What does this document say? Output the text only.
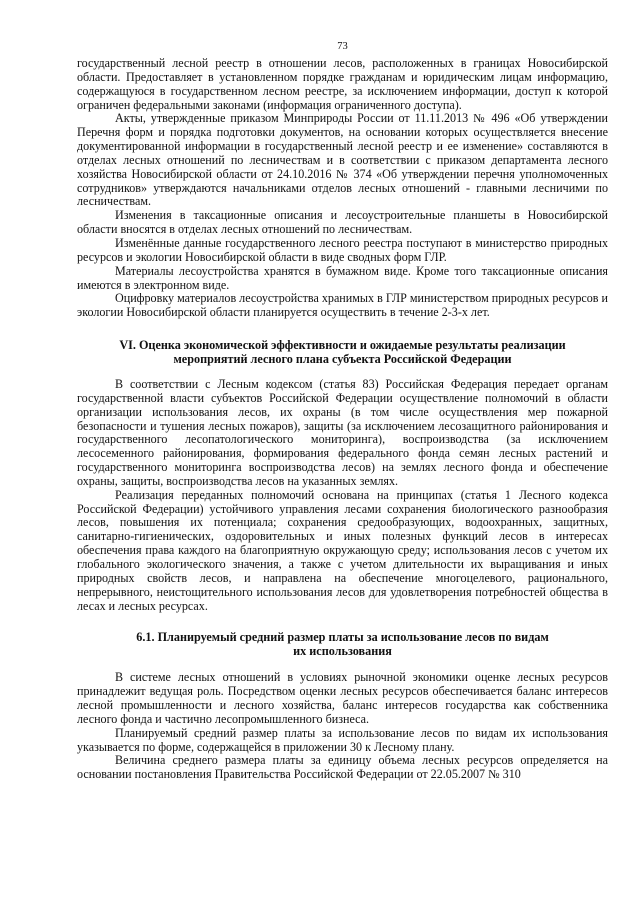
73

государственный лесной реестр в отношении лесов, расположенных в границах Новосибирской области. Предоставляет в установленном порядке гражданам и юридическим лицам информацию, содержащуюся в государственном лесном реестре, за исключением информации, доступ к которой ограничен федеральными законами (информация ограниченного доступа).

Акты, утвержденные приказом Минприроды России от 11.11.2013 № 496 «Об утверждении Перечня форм и порядка подготовки документов, на основании которых осуществляется внесение документированной информации в государственный лесной реестр и ее изменение» составляются в отделах лесных отношений по лесничествам и в соответствии с приказом департамента лесного хозяйства Новосибирской области от 24.10.2016 № 374 «Об утверждении перечня уполномоченных сотрудников» утверждаются начальниками отделов лесных отношений - главными лесничими по лесничествам.

Изменения в таксационные описания и лесоустроительные планшеты в Новосибирской области вносятся в отделах лесных отношений по лесничествам.

Изменённые данные государственного лесного реестра поступают в министерство природных ресурсов и экологии Новосибирской области в виде сводных форм ГЛР.

Материалы лесоустройства хранятся в бумажном виде. Кроме того таксационные описания имеются в электронном виде.

Оцифровку материалов лесоустройства хранимых в ГЛР министерством природных ресурсов и экологии Новосибирской области планируется осуществить в течение 2-3-х лет.

VI. Оценка экономической эффективности и ожидаемые результаты реализации
мероприятий лесного плана субъекта Российской Федерации

В соответствии с Лесным кодексом (статья 83) Российская Федерация передает органам государственной власти субъектов Российской Федерации осуществление полномочий в области организации использования лесов, их охраны (в том числе осуществления мер пожарной безопасности и тушения лесных пожаров), защиты (за исключением лесозащитного районирования и государственного лесопатологического мониторинга), воспроизводства (за исключением лесосеменного районирования, формирования федерального фонда семян лесных растений и государственного мониторинга воспроизводства лесов) на землях лесного фонда и обеспечение охраны, защиты, воспроизводства лесов на указанных землях.

Реализация переданных полномочий основана на принципах (статья 1 Лесного кодекса Российской Федерации) устойчивого управления лесами сохранения биологического разнообразия лесов, повышения их потенциала; сохранения средообразующих, водоохранных, защитных, санитарно-гигиенических, оздоровительных и иных полезных функций лесов в интересах обеспечения права каждого на благоприятную окружающую среду; использования лесов с учетом их глобального экологического значения, а также с учетом длительности их выращивания и иных природных свойств лесов, и направлена на обеспечение многоцелевого, рационального, непрерывного, неистощительного использования лесов для удовлетворения потребностей общества в лесах и лесных ресурсах.

6.1. Планируемый средний размер платы за использование лесов по видам
их использования

В системе лесных отношений в условиях рыночной экономики оценке лесных ресурсов принадлежит ведущая роль. Посредством оценки лесных ресурсов обеспечивается баланс интересов лесной промышленности и лесного хозяйства, баланс интересов государства как собственника лесного фонда и частично лесопромышленного бизнеса.

Планируемый средний размер платы за использование лесов по видам их использования указывается по форме, содержащейся в приложении 30 к Лесному плану.

Величина среднего размера платы за единицу объема лесных ресурсов определяется на основании постановления Правительства Российской Федерации от 22.05.2007 № 310
